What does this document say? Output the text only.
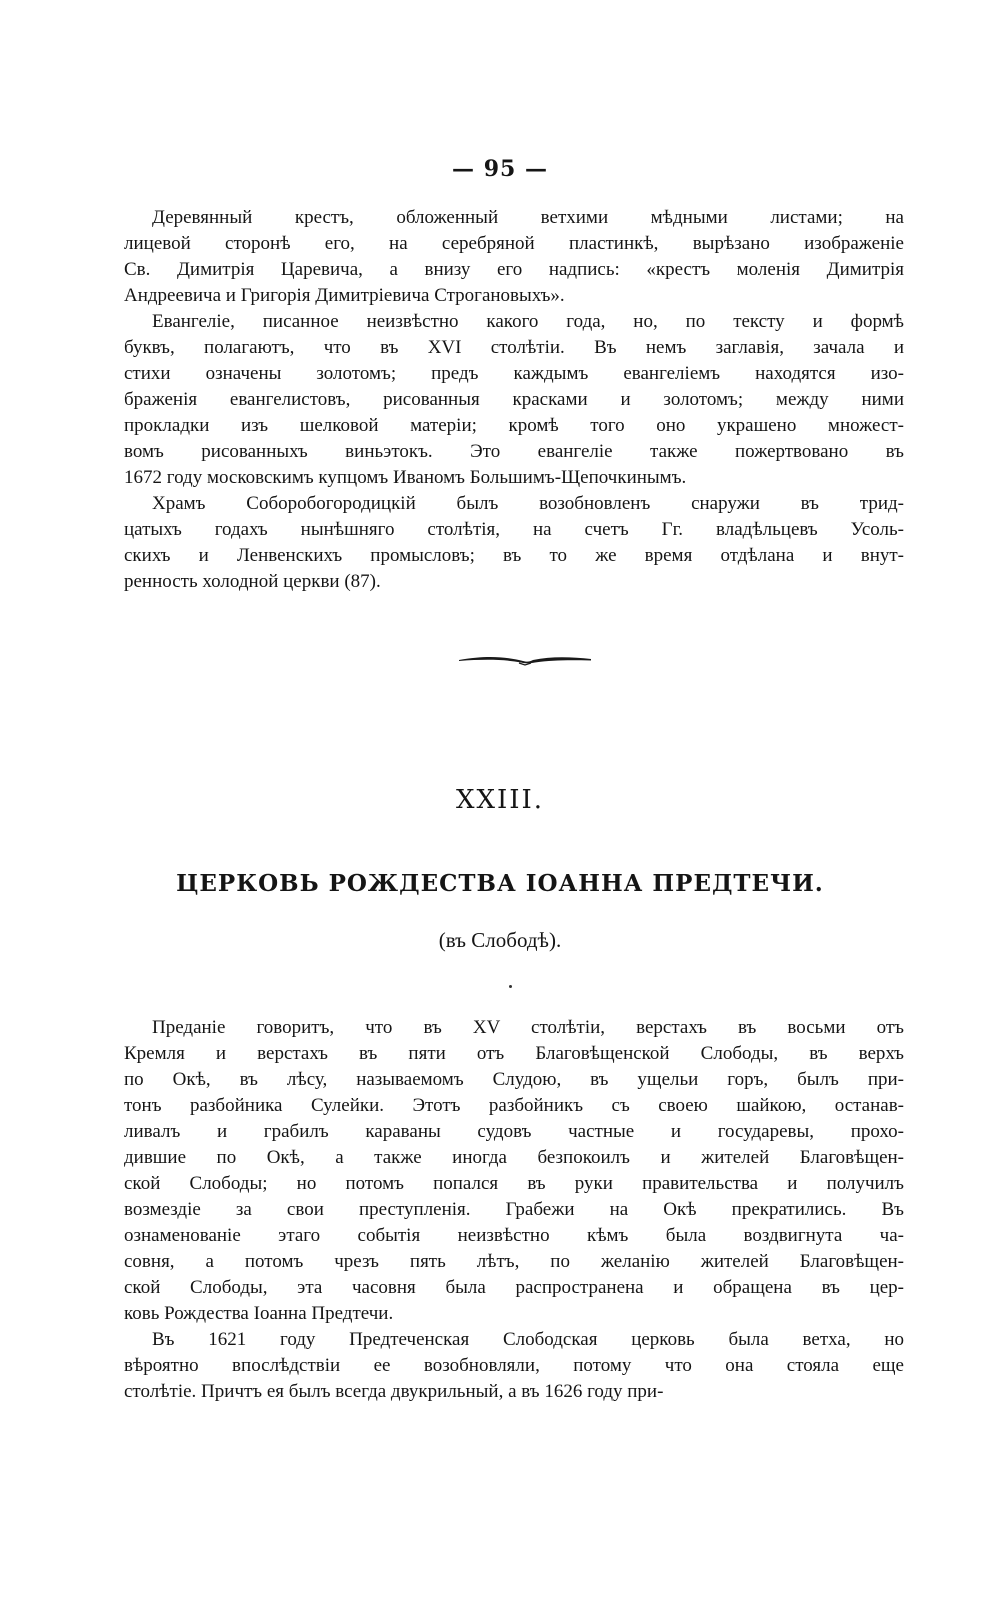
— 95 —

Деревянный крестъ, обложенный ветхими мѣдными листами; на
лицевой сторонѣ его, на серебряной пластинкѣ, вырѣзано изображеніе
Св. Димитрія Царевича, а внизу его надпись: «крестъ моленія Димитрія
Андреевича и Григорія Димитріевича Строгановыхъ».

Евангеліе, писанное неизвѣстно какого года, но, по тексту и формѣ
буквъ, полагаютъ, что въ XVI столѣтіи. Въ немъ заглавія, зачала и
стихи означены золотомъ; предъ каждымъ евангеліемъ находятся изо-
браженія евангелистовъ, рисованныя красками и золотомъ; между ними
прокладки изъ шелковой матеріи; кромѣ того оно украшено множест-
вомъ рисованныхъ виньэтокъ. Это евангеліе также пожертвовано въ
1672 году московскимъ купцомъ Иваномъ Большимъ-Щепочкинымъ.

Храмъ Соборобогородицкій былъ возобновленъ снаружи въ трид-
цатыхъ годахъ нынѣшняго столѣтія, на счетъ Гг. владѣльцевъ Усоль-
скихъ и Ленвенскихъ промысловъ; въ то же время отдѣлана и внут-
ренность холодной церкви (87).

XXIII.
ЦЕРКОВЬ РОЖДЕСТВА ІОАННА ПРЕДТЕЧИ.
(въ Слободѣ).

Преданіе говоритъ, что въ XV столѣтіи, верстахъ въ восьми отъ
Кремля и верстахъ въ пяти отъ Благовѣщенской Слободы, въ верхъ
по Окѣ, въ лѣсу, называемомъ Слудою, въ ущельи горъ, былъ при-
тонъ разбойника Сулейки. Этотъ разбойникъ съ своею шайкою, останав-
ливалъ и грабилъ караваны судовъ частные и государевы, прохо-
дившие по Окѣ, а также иногда безпокоилъ и жителей Благовѣщен-
ской Слободы; но потомъ попался въ руки правительства и получилъ
возмездіе за свои преступленія. Грабежи на Окѣ прекратились. Въ
ознаменованіе этаго событія неизвѣстно кѣмъ была воздвигнута ча-
совня, а потомъ чрезъ пять лѣтъ, по желанію жителей Благовѣщен-
ской Слободы, эта часовня была распространена и обращена въ цер-
ковь Рождества Іоанна Предтечи.

Въ 1621 году Предтеченская Слободская церковь была ветха, но
вѣроятно впослѣдствіи ее возобновляли, потому что она стояла еще
столѣтіе. Причтъ ея былъ всегда двукрильный, а въ 1626 году при-
